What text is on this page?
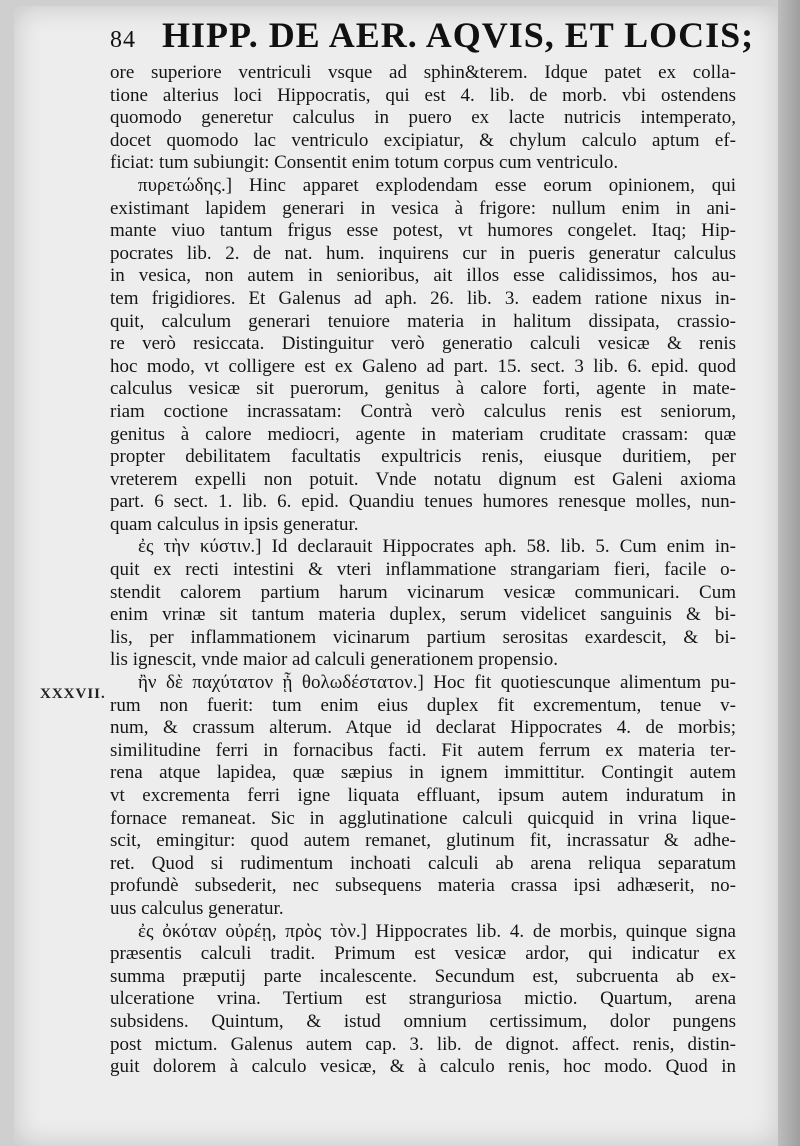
84 HIPP. DE AER. AQVIS, ET LOCIS;
XXXVII.
ore superiore ventriculi vsque ad sphin&terem. Idque patet ex colla-
tione alterius loci Hippocratis, qui est 4. lib. de morb. vbi ostendens
quomodo generetur calculus in puero ex lacte nutricis intemperato,
docet quomodo lac ventriculo excipiatur, & chylum calculo aptum ef-
ficiat: tum subiungit: Consentit enim totum corpus cum ventriculo.
πυρετώδης.] Hinc apparet explodendam esse eorum opinionem, qui
existimant lapidem generari in vesica à frigore: nullum enim in ani-
mante viuo tantum frigus esse potest, vt humores congelet. Itaq; Hip-
pocrates lib. 2. de nat. hum. inquirens cur in pueris generatur calculus
in vesica, non autem in senioribus, ait illos esse calidissimos, hos au-
tem frigidiores. Et Galenus ad aph. 26. lib. 3. eadem ratione nixus in-
quit, calculum generari tenuiore materia in halitum dissipata, crassio-
re verò resiccata. Distinguitur verò generatio calculi vesicæ & renis
hoc modo, vt colligere est ex Galeno ad part. 15. sect. 3 lib. 6. epid. quod
calculus vesicæ sit puerorum, genitus à calore forti, agente in mate-
riam coctione incrassatam: Contrà verò calculus renis est seniorum,
genitus à calore mediocri, agente in materiam cruditate crassam: quæ
propter debilitatem facultatis expultricis renis, eiusque duritiem, per
vreterem expelli non potuit. Vnde notatu dignum est Galeni axioma
part. 6 sect. 1. lib. 6. epid. Quandiu tenues humores renesque molles, nun-
quam calculus in ipsis generatur.
ἐς τὴν κύστιν.] Id declarauit Hippocrates aph. 58. lib. 5. Cum enim in-
quit ex recti intestini & vteri inflammatione strangariam fieri, facile o-
stendit calorem partium harum vicinarum vesicæ communicari. Cum
enim vrinæ sit tantum materia duplex, serum videlicet sanguinis & bi-
lis, per inflammationem vicinarum partium serositas exardescit, & bi-
lis ignescit, vnde maior ad calculi generationem propensio.
ἢν δὲ παχύτατον ᾖ θολωδέστατον.] Hoc fit quotiescunque alimentum pu-
rum non fuerit: tum enim eius duplex fit excrementum, tenue v-
num, & crassum alterum. Atque id declarat Hippocrates 4. de morbis;
similitudine ferri in fornacibus facti. Fit autem ferrum ex materia ter-
rena atque lapidea, quæ sæpius in ignem immittitur. Contingit autem
vt excrementa ferri igne liquata effluant, ipsum autem induratum in
fornace remaneat. Sic in agglutinatione calculi quicquid in vrina lique-
scit, emingitur: quod autem remanet, glutinum fit, incrassatur & adhe-
ret. Quod si rudimentum inchoati calculi ab arena reliqua separatum
profundè subsederit, nec subsequens materia crassa ipsi adhæserit, no-
uus calculus generatur.
ἐς ὀκόταν οὐρέῃ, πρὸς τὸν.] Hippocrates lib. 4. de morbis, quinque signa
præsentis calculi tradit. Primum est vesicæ ardor, qui indicatur ex
summa præputij parte incalescente. Secundum est, subcruenta ab ex-
ulceratione vrina. Tertium est stranguriosa mictio. Quartum, arena
subsidens. Quintum, & istud omnium certissimum, dolor pungens
post mictum. Galenus autem cap. 3. lib. de dignot. affect. renis, distin-
guit dolorem à calculo vesicæ, & à calculo renis, hoc modo. Quod in
